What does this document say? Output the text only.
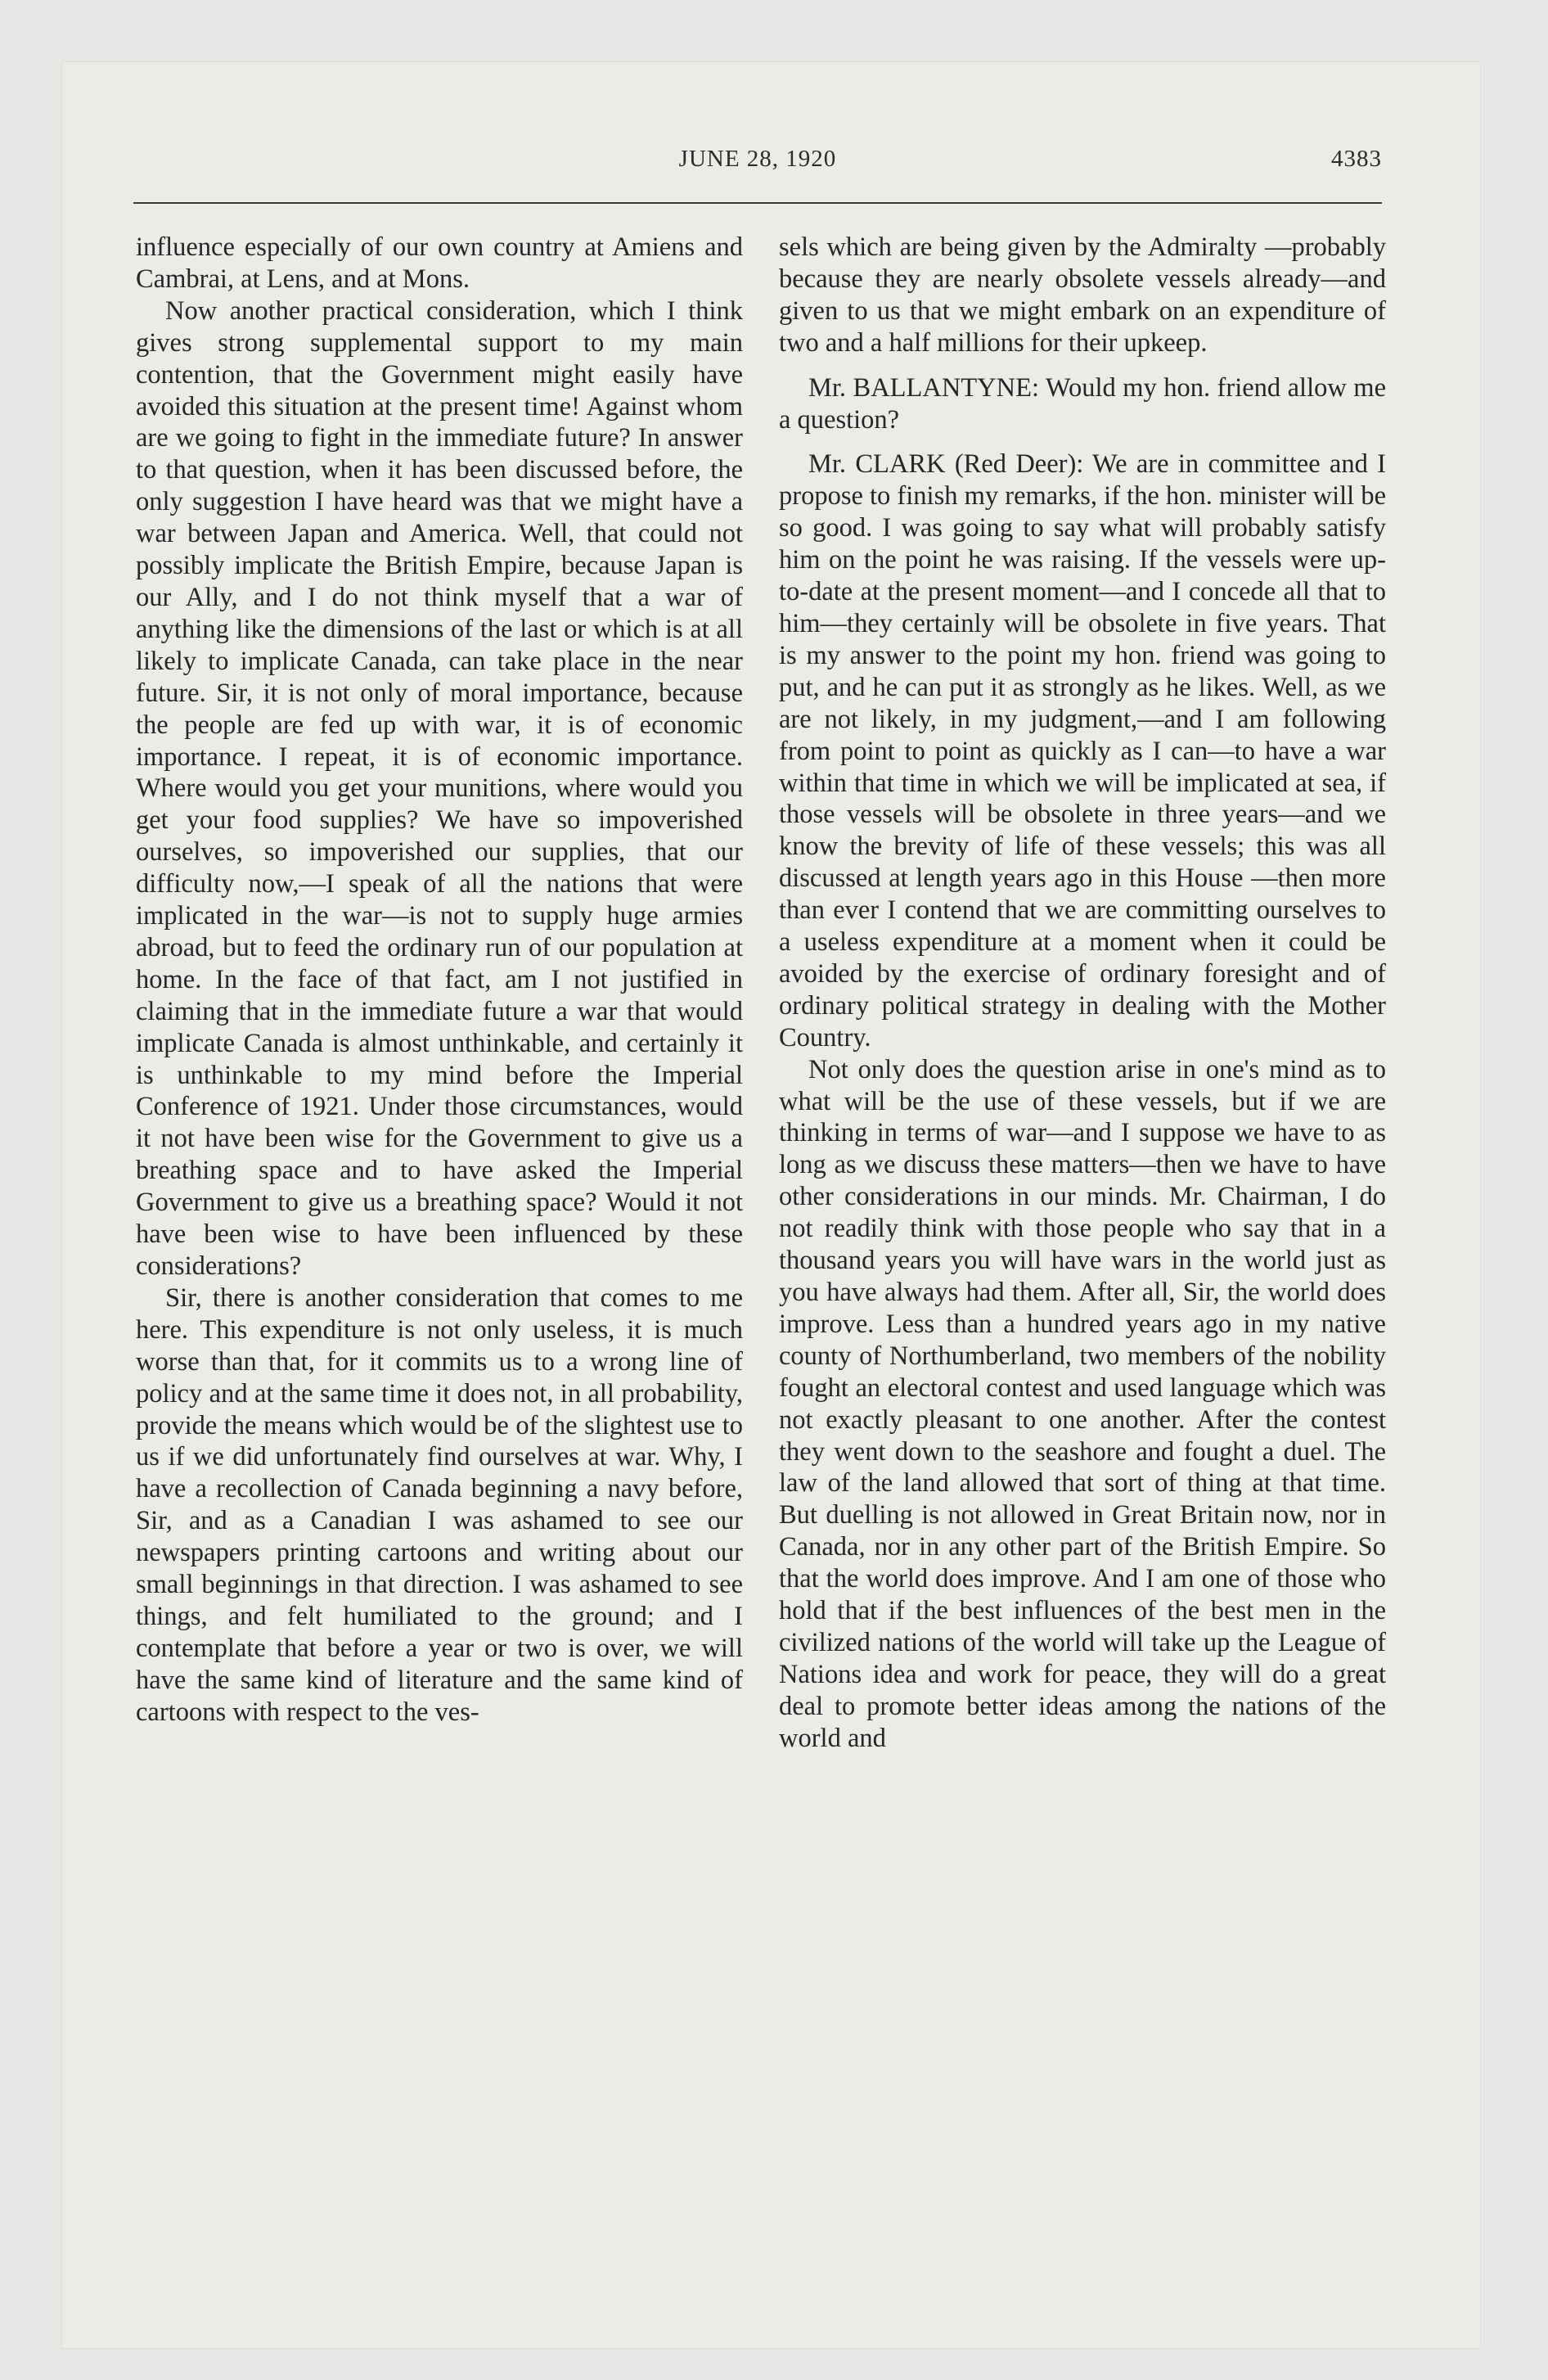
JUNE 28, 1920	4383

influence especially of our own country at Amiens and Cambrai, at Lens, and at Mons.

Now another practical consideration, which I think gives strong supplemental support to my main contention, that the Government might easily have avoided this situation at the present time! Against whom are we going to fight in the immediate future? In answer to that question, when it has been discussed before, the only suggestion I have heard was that we might have a war between Japan and America. Well, that could not possibly implicate the British Empire, because Japan is our Ally, and I do not think myself that a war of anything like the dimensions of the last or which is at all likely to implicate Canada, can take place in the near future. Sir, it is not only of moral importance, because the people are fed up with war, it is of economic importance. I repeat, it is of economic importance. Where would you get your munitions, where would you get your food supplies? We have so impoverished ourselves, so impoverished our supplies, that our difficulty now,—I speak of all the nations that were implicated in the war—is not to supply huge armies abroad, but to feed the ordinary run of our population at home. In the face of that fact, am I not justified in claiming that in the immediate future a war that would implicate Canada is almost unthinkable, and certainly it is unthinkable to my mind before the Imperial Conference of 1921. Under those circumstances, would it not have been wise for the Government to give us a breathing space and to have asked the Imperial Government to give us a breathing space? Would it not have been wise to have been influenced by these considerations?

Sir, there is another consideration that comes to me here. This expenditure is not only useless, it is much worse than that, for it commits us to a wrong line of policy and at the same time it does not, in all probability, provide the means which would be of the slightest use to us if we did unfortunately find ourselves at war. Why, I have a recollection of Canada beginning a navy before, Sir, and as a Canadian I was ashamed to see our newspapers printing cartoons and writing about our small beginnings in that direction. I was ashamed to see things, and felt humiliated to the ground; and I contemplate that before a year or two is over, we will have the same kind of literature and the same kind of cartoons with respect to the ves-

sels which are being given by the Admiralty —probably because they are nearly obsolete vessels already—and given to us that we might embark on an expenditure of two and a half millions for their upkeep.

Mr. BALLANTYNE: Would my hon. friend allow me a question?

Mr. CLARK (Red Deer): We are in committee and I propose to finish my remarks, if the hon. minister will be so good. I was going to say what will probably satisfy him on the point he was raising. If the vessels were up-to-date at the present moment—and I concede all that to him—they certainly will be obsolete in five years. That is my answer to the point my hon. friend was going to put, and he can put it as strongly as he likes. Well, as we are not likely, in my judgment,—and I am following from point to point as quickly as I can—to have a war within that time in which we will be implicated at sea, if those vessels will be obsolete in three years—and we know the brevity of life of these vessels; this was all discussed at length years ago in this House —then more than ever I contend that we are committing ourselves to a useless expenditure at a moment when it could be avoided by the exercise of ordinary foresight and of ordinary political strategy in dealing with the Mother Country.

Not only does the question arise in one's mind as to what will be the use of these vessels, but if we are thinking in terms of war—and I suppose we have to as long as we discuss these matters—then we have to have other considerations in our minds. Mr. Chairman, I do not readily think with those people who say that in a thousand years you will have wars in the world just as you have always had them. After all, Sir, the world does improve. Less than a hundred years ago in my native county of Northumberland, two members of the nobility fought an electoral contest and used language which was not exactly pleasant to one another. After the contest they went down to the seashore and fought a duel. The law of the land allowed that sort of thing at that time. But duelling is not allowed in Great Britain now, nor in Canada, nor in any other part of the British Empire. So that the world does improve. And I am one of those who hold that if the best influences of the best men in the civilized nations of the world will take up the League of Nations idea and work for peace, they will do a great deal to promote better ideas among the nations of the world and
